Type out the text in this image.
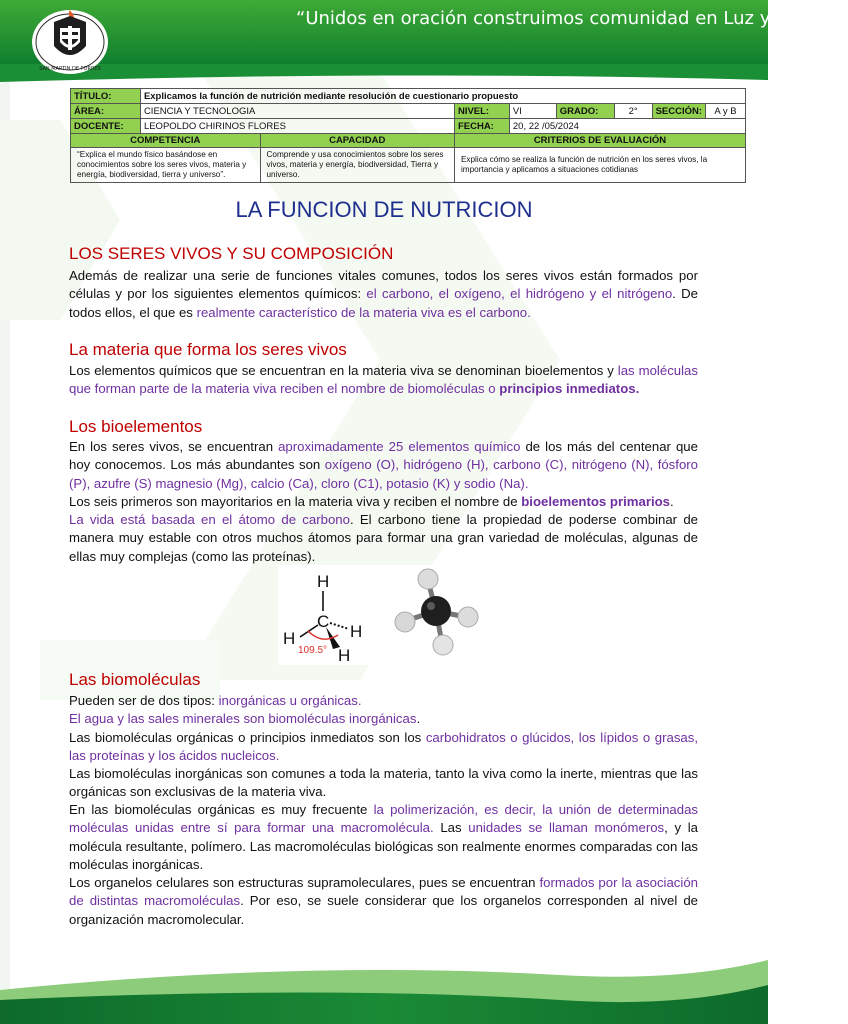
SAN MARTIN DE PORRES
“Unidos en oración construimos comunidad en Luz y Verdad”
TÍTULO:	Explicamos la función de nutrición mediante resolución de cuestionario propuesto							
ÁREA:	CIENCIA Y TECNOLOGIA		NIVEL:	VI	GRADO:	2°	SECCIÓN:	A y B
DOCENTE:	LEOPOLDO CHIRINOS FLORES		FECHA:	20, 22 /05/2024				
COMPETENCIA		CAPACIDAD	CRITERIOS DE EVALUACIÓN					
“Explica el mundo físico basándose en conocimientos sobre los seres vivos, materia y energía, biodiversidad, tierra y universo”.		Comprende y usa conocimientos sobre los seres vivos, materia y energía, biodiversidad, Tierra y universo.	Explica cómo se realiza la función de nutrición en los seres vivos, la importancia y aplicamos a situaciones cotidianas					
LA FUNCION DE NUTRICION
LOS SERES VIVOS Y SU COMPOSICIÓN

Además de realizar una serie de funciones vitales comunes, todos los seres vivos están formados por células y por los siguientes elementos químicos: el carbono, el oxígeno, el hidrógeno y el nitrógeno. De todos ellos, el que es realmente característico de la materia viva es el carbono.

La materia que forma los seres vivos

Los elementos químicos que se encuentran en la materia viva se denominan bioelementos y las moléculas que forman parte de la materia viva reciben el nombre de biomoléculas o principios inmediatos.

Los bioelementos

En los seres vivos, se encuentran aproximadamente 25 elementos químico de los más del centenar que hoy conocemos. Los más abundantes son oxígeno (O), hidrógeno (H), carbono (C), nitrógeno (N), fósforo (P), azufre (S) magnesio (Mg), calcio (Ca), cloro (C1), potasio (K) y sodio (Na).

Los seis primeros son mayoritarios en la materia viva y reciben el nombre de bioelementos primarios.

La vida está basada en el átomo de carbono. El carbono tiene la propiedad de poderse combinar de manera muy estable con otros muchos átomos para formar una gran variedad de moléculas, algunas de ellas muy complejas (como las proteínas).

H
C
H	H
H
109.5°
Las biomoléculas

Pueden ser de dos tipos: inorgánicas u orgánicas.

El agua y las sales minerales son biomoléculas inorgánicas.

Las biomoléculas orgánicas o principios inmediatos son los carbohidratos o glúcidos, los lípidos o grasas, las proteínas y los ácidos nucleicos.

Las biomoléculas inorgánicas son comunes a toda la materia, tanto la viva como la inerte, mientras que las orgánicas son exclusivas de la materia viva.

En las biomoléculas orgánicas es muy frecuente la polimerización, es decir, la unión de determinadas moléculas unidas entre sí para formar una macromolécula. Las unidades se llaman monómeros, y la molécula resultante, polímero. Las macromoléculas biológicas son realmente enormes comparadas con las moléculas inorgánicas.

Los organelos celulares son estructuras supramoleculares, pues se encuentran formados por la asociación de distintas macromoléculas. Por eso, se suele considerar que los organelos corresponden al nivel de organización macromolecular.
